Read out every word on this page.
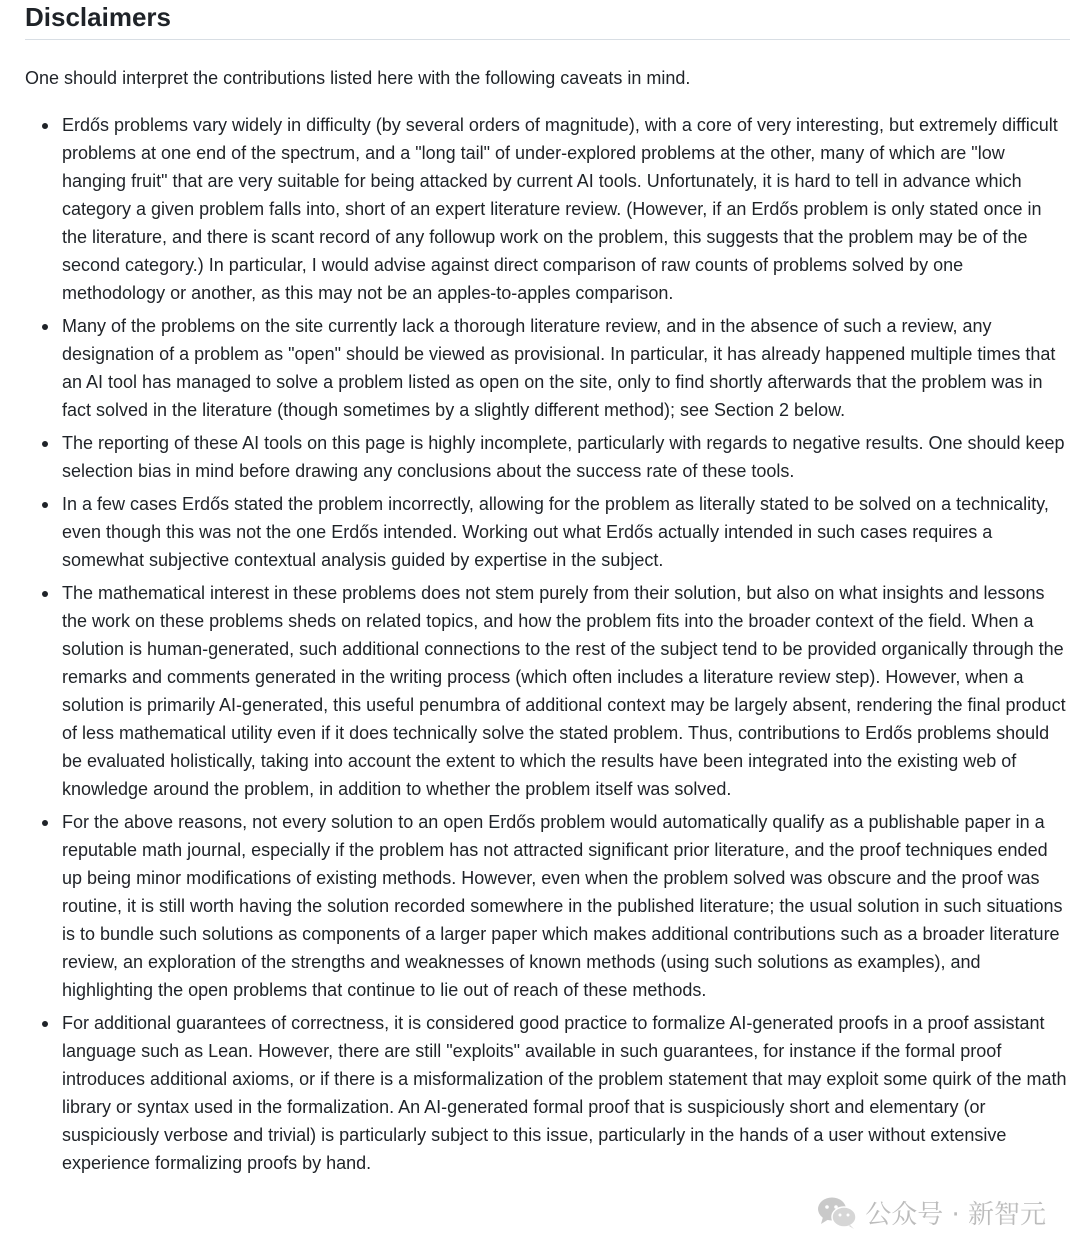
Disclaimers

One should interpret the contributions listed here with the following caveats in mind.

Erdős problems vary widely in difficulty (by several orders of magnitude), with a core of very interesting, but extremely difficult problems at one end of the spectrum, and a "long tail" of under-explored problems at the other, many of which are "low hanging fruit" that are very suitable for being attacked by current AI tools. Unfortunately, it is hard to tell in advance which category a given problem falls into, short of an expert literature review. (However, if an Erdős problem is only stated once in the literature, and there is scant record of any followup work on the problem, this suggests that the problem may be of the second category.) In particular, I would advise against direct comparison of raw counts of problems solved by one methodology or another, as this may not be an apples-to-apples comparison.
Many of the problems on the site currently lack a thorough literature review, and in the absence of such a review, any designation of a problem as "open" should be viewed as provisional. In particular, it has already happened multiple times that an AI tool has managed to solve a problem listed as open on the site, only to find shortly afterwards that the problem was in fact solved in the literature (though sometimes by a slightly different method); see Section 2 below.
The reporting of these AI tools on this page is highly incomplete, particularly with regards to negative results. One should keep selection bias in mind before drawing any conclusions about the success rate of these tools.
In a few cases Erdős stated the problem incorrectly, allowing for the problem as literally stated to be solved on a technicality, even though this was not the one Erdős intended. Working out what Erdős actually intended in such cases requires a somewhat subjective contextual analysis guided by expertise in the subject.
The mathematical interest in these problems does not stem purely from their solution, but also on what insights and lessons the work on these problems sheds on related topics, and how the problem fits into the broader context of the field. When a solution is human-generated, such additional connections to the rest of the subject tend to be provided organically through the remarks and comments generated in the writing process (which often includes a literature review step). However, when a solution is primarily AI-generated, this useful penumbra of additional context may be largely absent, rendering the final product of less mathematical utility even if it does technically solve the stated problem. Thus, contributions to Erdős problems should be evaluated holistically, taking into account the extent to which the results have been integrated into the existing web of knowledge around the problem, in addition to whether the problem itself was solved.
For the above reasons, not every solution to an open Erdős problem would automatically qualify as a publishable paper in a reputable math journal, especially if the problem has not attracted significant prior literature, and the proof techniques ended up being minor modifications of existing methods. However, even when the problem solved was obscure and the proof was routine, it is still worth having the solution recorded somewhere in the published literature; the usual solution in such situations is to bundle such solutions as components of a larger paper which makes additional contributions such as a broader literature review, an exploration of the strengths and weaknesses of known methods (using such solutions as examples), and highlighting the open problems that continue to lie out of reach of these methods.
For additional guarantees of correctness, it is considered good practice to formalize AI-generated proofs in a proof assistant language such as Lean. However, there are still "exploits" available in such guarantees, for instance if the formal proof introduces additional axioms, or if there is a misformalization of the problem statement that may exploit some quirk of the math library or syntax used in the formalization. An AI-generated formal proof that is suspiciously short and elementary (or suspiciously verbose and trivial) is particularly subject to this issue, particularly in the hands of a user without extensive experience formalizing proofs by hand.
公众号 · 新智元
